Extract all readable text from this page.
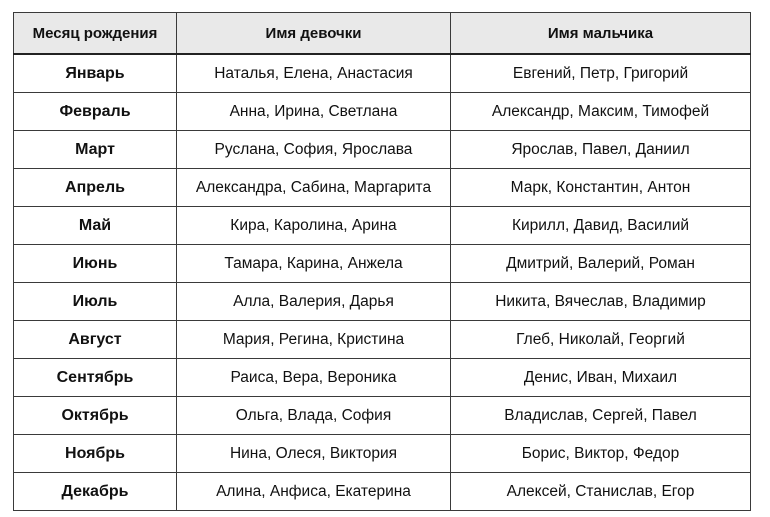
Месяц рождения	Имя девочки	Имя мальчика
Январь	Наталья, Елена, Анастасия	Евгений, Петр, Григорий
Февраль	Анна, Ирина, Светлана	Александр, Максим, Тимофей
Март	Руслана, София, Ярослава	Ярослав, Павел, Даниил
Апрель	Александра, Сабина, Маргарита	Марк, Константин, Антон
Май	Кира, Каролина, Арина	Кирилл, Давид, Василий
Июнь	Тамара, Карина, Анжела	Дмитрий, Валерий, Роман
Июль	Алла, Валерия, Дарья	Никита, Вячеслав, Владимир
Август	Мария, Регина, Кристина	Глеб, Николай, Георгий
Сентябрь	Раиса, Вера, Вероника	Денис, Иван, Михаил
Октябрь	Ольга, Влада, София	Владислав, Сергей, Павел
Ноябрь	Нина, Олеся, Виктория	Борис, Виктор, Федор
Декабрь	Алина, Анфиса, Екатерина	Алексей, Станислав, Егор
